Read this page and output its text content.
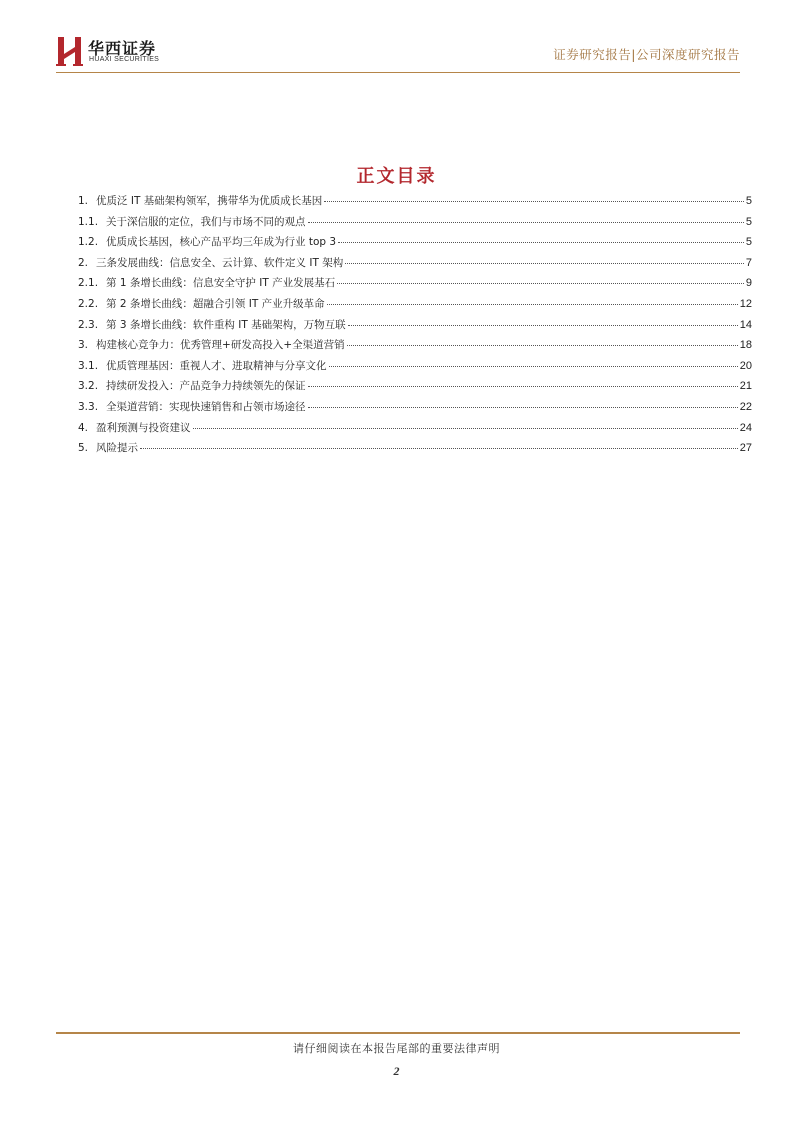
华西证券
HUAXI SECURITIES	证券研究报告|公司深度研究报告
正文目录
1. 优质泛 IT 基础架构领军，携带华为优质成长基因	5
1.1. 关于深信服的定位，我们与市场不同的观点	5
1.2. 优质成长基因，核心产品平均三年成为行业 top 3	5
2. 三条发展曲线：信息安全、云计算、软件定义 IT 架构	7
2.1. 第 1 条增长曲线：信息安全守护 IT 产业发展基石	9
2.2. 第 2 条增长曲线：超融合引领 IT 产业升级革命	12
2.3. 第 3 条增长曲线：软件重构 IT 基础架构，万物互联	14
3. 构建核心竞争力：优秀管理+研发高投入+全渠道营销	18
3.1. 优质管理基因：重视人才、进取精神与分享文化	20
3.2. 持续研发投入：产品竞争力持续领先的保证	21
3.3. 全渠道营销：实现快速销售和占领市场途径	22
4. 盈利预测与投资建议	24
5. 风险提示	27
请仔细阅读在本报告尾部的重要法律声明
2
